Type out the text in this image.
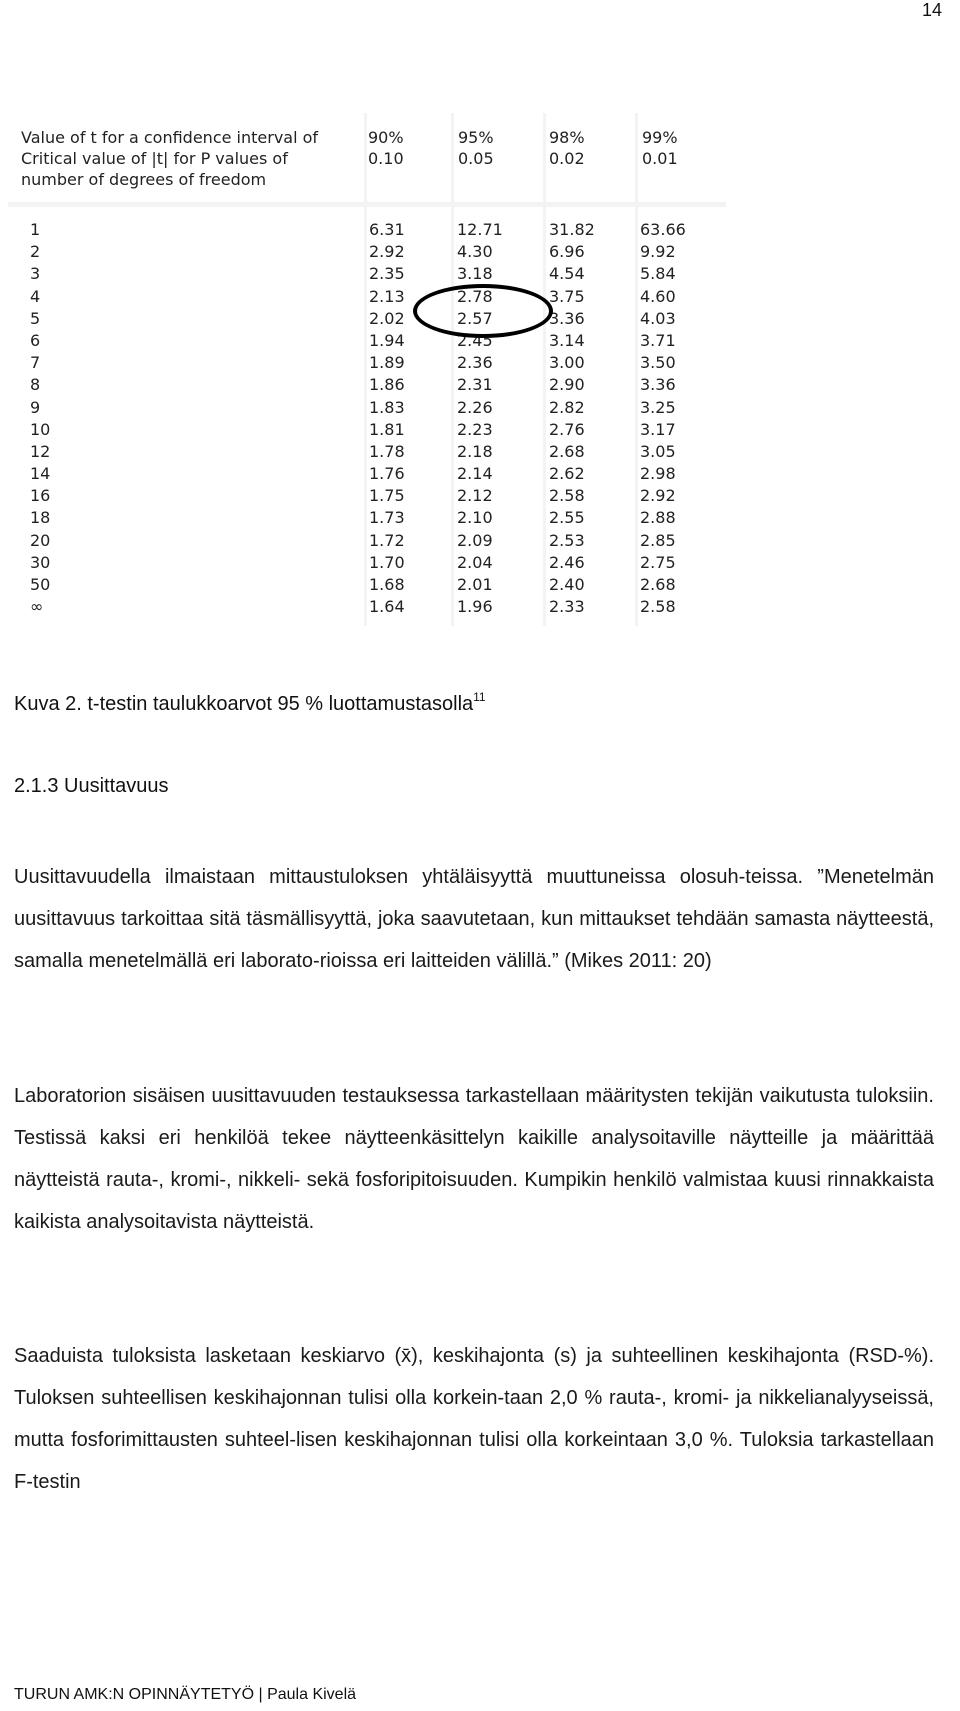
14
Value of t for a confidence interval of
Critical value of |t| for P values of
number of degrees of freedom
90%
0.10
95%
0.05
98%
0.02
99%
0.01
1
2
3
4
5
6
7
8
9
10
12
14
16
18
20
30
50
∞
6.31
2.92
2.35
2.13
2.02
1.94
1.89
1.86
1.83
1.81
1.78
1.76
1.75
1.73
1.72
1.70
1.68
1.64
12.71
4.30
3.18
2.78
2.57
2.45
2.36
2.31
2.26
2.23
2.18
2.14
2.12
2.10
2.09
2.04
2.01
1.96
31.82
6.96
4.54
3.75
3.36
3.14
3.00
2.90
2.82
2.76
2.68
2.62
2.58
2.55
2.53
2.46
2.40
2.33
63.66
9.92
5.84
4.60
4.03
3.71
3.50
3.36
3.25
3.17
3.05
2.98
2.92
2.88
2.85
2.75
2.68
2.58
Kuva 2. t-testin taulukkoarvot 95 % luottamustasolla$^{11}$
2.1.3 Uusittavuus

Uusittavuudella ilmaistaan mittaustuloksen yhtäläisyyttä muuttuneissa olosuh-teissa. ”Menetelmän uusittavuus tarkoittaa sitä täsmällisyyttä, joka saavutetaan, kun mittaukset tehdään samasta näytteestä, samalla menetelmällä eri laborato-rioissa eri laitteiden välillä.” (Mikes 2011: 20)

Laboratorion sisäisen uusittavuuden testauksessa tarkastellaan määritysten tekijän vaikutusta tuloksiin. Testissä kaksi eri henkilöä tekee näytteenkäsittelyn kaikille analysoitaville näytteille ja määrittää näytteistä rauta-, kromi-, nikkeli- sekä fosforipitoisuuden. Kumpikin henkilö valmistaa kuusi rinnakkaista kaikista analysoitavista näytteistä.

Saaduista tuloksista lasketaan keskiarvo (x̄), keskihajonta (s) ja suhteellinen keskihajonta (RSD-%). Tuloksen suhteellisen keskihajonnan tulisi olla korkein-taan 2,0 % rauta-, kromi- ja nikkelianalyyseissä, mutta fosforimittausten suhteel-lisen keskihajonnan tulisi olla korkeintaan 3,0 %. Tuloksia tarkastellaan F-testin

TURUN AMK:N OPINNÄYTETYÖ | Paula Kivelä
